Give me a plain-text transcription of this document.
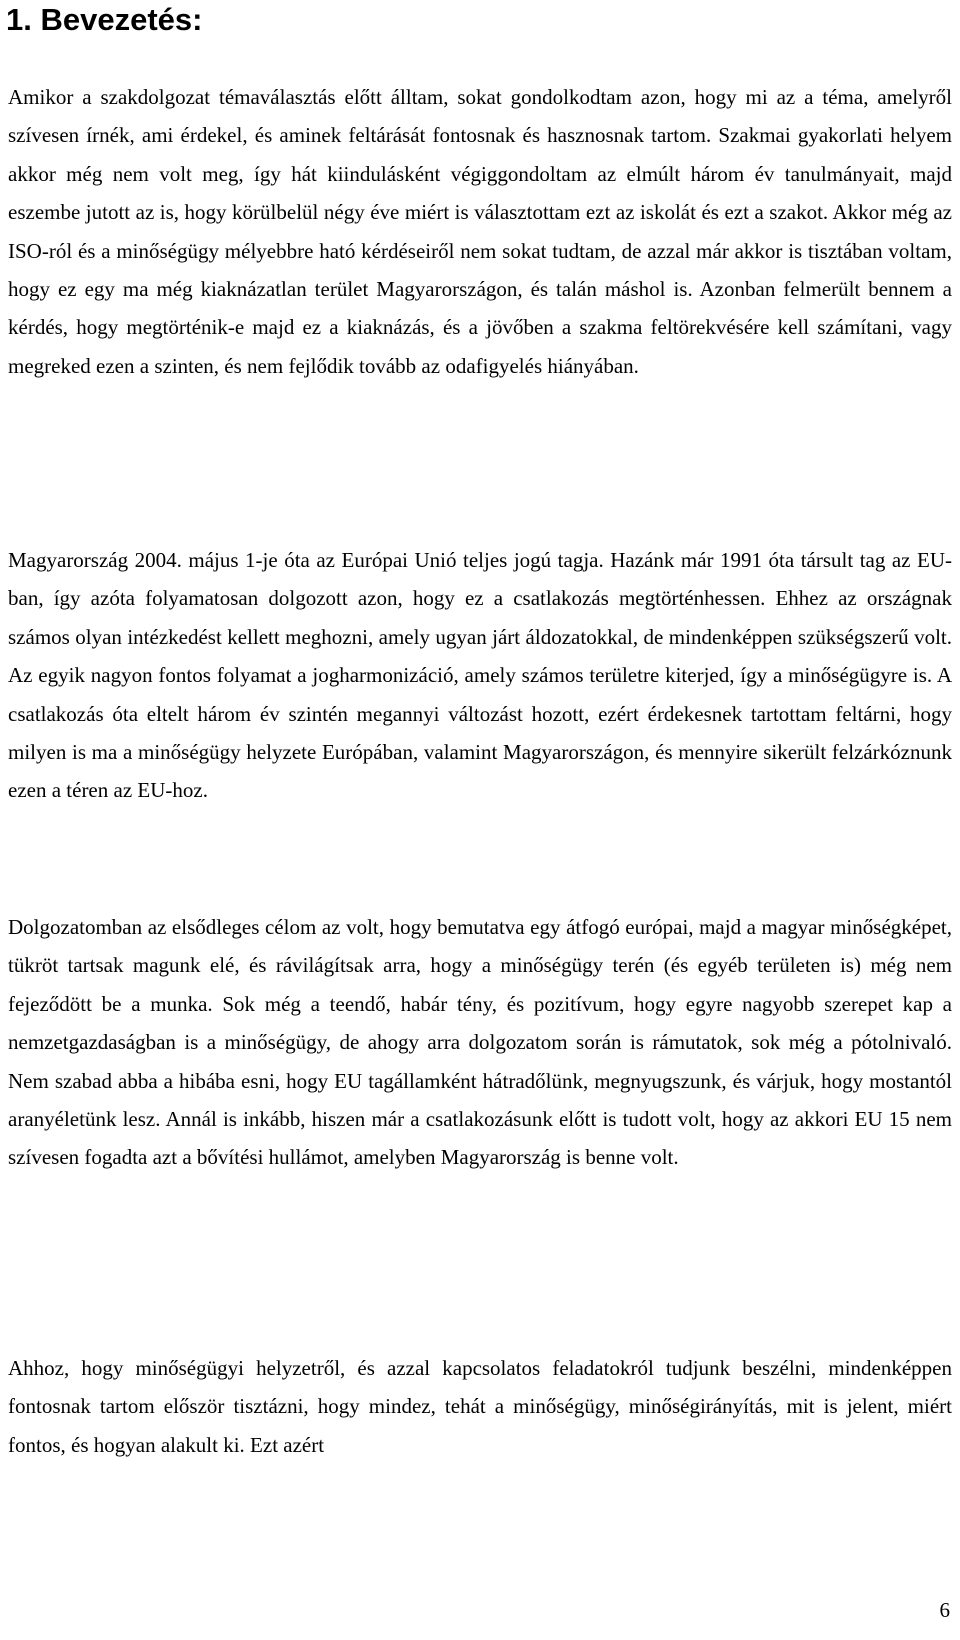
1. Bevezetés:

Amikor a szakdolgozat témaválasztás előtt álltam, sokat gondolkodtam azon, hogy mi az a téma, amelyről szívesen írnék, ami érdekel, és aminek feltárását fontosnak és hasznosnak tartom. Szakmai gyakorlati helyem akkor még nem volt meg, így hát kiindulásként végiggondoltam az elmúlt három év tanulmányait, majd eszembe jutott az is, hogy körülbelül négy éve miért is választottam ezt az iskolát és ezt a szakot. Akkor még az ISO-ról és a minőségügy mélyebbre ható kérdéseiről nem sokat tudtam, de azzal már akkor is tisztában voltam, hogy ez egy ma még kiaknázatlan terület Magyarországon, és talán máshol is. Azonban felmerült bennem a kérdés, hogy megtörténik-e majd ez a kiaknázás, és a jövőben a szakma feltörekvésére kell számítani, vagy megreked ezen a szinten, és nem fejlődik tovább az odafigyelés hiányában.

Magyarország 2004. május 1-je óta az Európai Unió teljes jogú tagja. Hazánk már 1991 óta társult tag az EU-ban, így azóta folyamatosan dolgozott azon, hogy ez a csatlakozás megtörténhessen. Ehhez az országnak számos olyan intézkedést kellett meghozni, amely ugyan járt áldozatokkal, de mindenképpen szükségszerű volt. Az egyik nagyon fontos folyamat a jogharmonizáció, amely számos területre kiterjed, így a minőségügyre is. A csatlakozás óta eltelt három év szintén megannyi változást hozott, ezért érdekesnek tartottam feltárni, hogy milyen is ma a minőségügy helyzete Európában, valamint Magyarországon, és mennyire sikerült felzárkóznunk ezen a téren az EU-hoz.

Dolgozatomban az elsődleges célom az volt, hogy bemutatva egy átfogó európai, majd a magyar minőségképet, tükröt tartsak magunk elé, és rávilágítsak arra, hogy a minőségügy terén (és egyéb területen is) még nem fejeződött be a munka. Sok még a teendő, habár tény, és pozitívum, hogy egyre nagyobb szerepet kap a nemzetgazdaságban is a minőségügy, de ahogy arra dolgozatom során is rámutatok, sok még a pótolnivaló. Nem szabad abba a hibába esni, hogy EU tagállamként hátradőlünk, megnyugszunk, és várjuk, hogy mostantól aranyéletünk lesz. Annál is inkább, hiszen már a csatlakozásunk előtt is tudott volt, hogy az akkori EU 15 nem szívesen fogadta azt a bővítési hullámot, amelyben Magyarország is benne volt.

Ahhoz, hogy minőségügyi helyzetről, és azzal kapcsolatos feladatokról tudjunk beszélni, mindenképpen fontosnak tartom először tisztázni, hogy mindez, tehát a minőségügy, minőségirányítás, mit is jelent, miért fontos, és hogyan alakult ki. Ezt azért

6
